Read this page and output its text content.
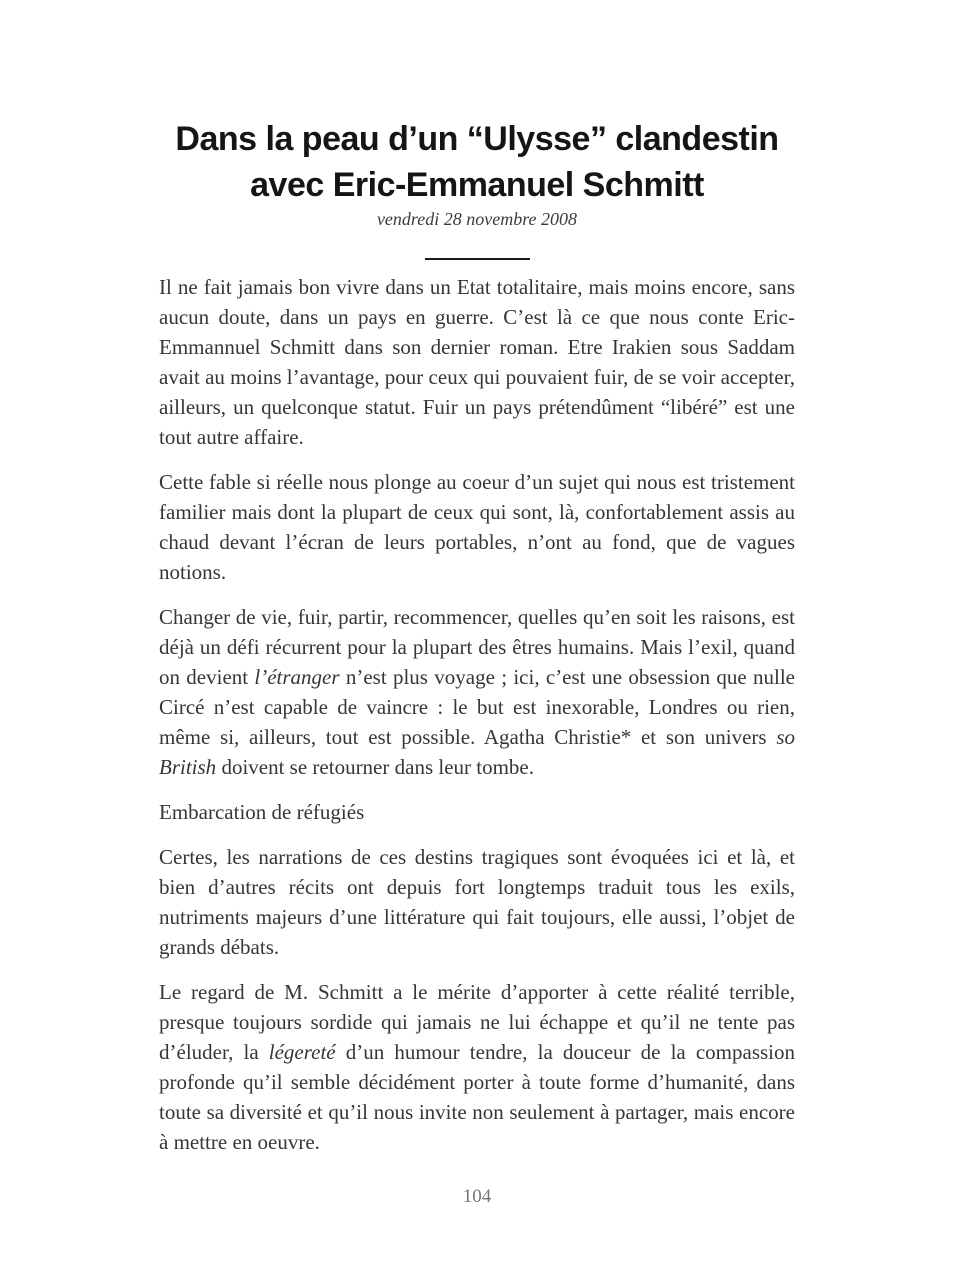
Dans la peau d’un “Ulysse” clandestin
avec Eric-Emmanuel Schmitt

vendredi 28 novembre 2008

Il ne fait jamais bon vivre dans un Etat totalitaire, mais moins encore, sans aucun doute, dans un pays en guerre. C’est là ce que nous conte Eric-Emmannuel Schmitt dans son dernier roman. Etre Irakien sous Saddam avait au moins l’avantage, pour ceux qui pouvaient fuir, de se voir accepter, ailleurs, un quelconque statut. Fuir un pays prétendûment “libéré” est une tout autre affaire.

Cette fable si réelle nous plonge au coeur d’un sujet qui nous est tristement familier mais dont la plupart de ceux qui sont, là, confortablement assis au chaud devant l’écran de leurs portables, n’ont au fond, que de vagues notions.

Changer de vie, fuir, partir, recommencer, quelles qu’en soit les raisons, est déjà un défi récurrent pour la plupart des êtres humains. Mais l’exil, quand on devient l’étranger n’est plus voyage ; ici, c’est une obsession que nulle Circé n’est capable de vaincre : le but est inexorable, Londres ou rien, même si, ailleurs, tout est possible. Agatha Christie* et son univers so British doivent se retourner dans leur tombe.

Embarcation de réfugiés

Certes, les narrations de ces destins tragiques sont évoquées ici et là, et bien d’autres récits ont depuis fort longtemps traduit tous les exils, nutriments majeurs d’une littérature qui fait toujours, elle aussi, l’objet de grands débats.

Le regard de M. Schmitt a le mérite d’apporter à cette réalité terrible, presque toujours sordide qui jamais ne lui échappe et qu’il ne tente pas d’éluder, la légereté d’un humour tendre, la douceur de la compassion profonde qu’il semble décidément porter à toute forme d’humanité, dans toute sa diversité et qu’il nous invite non seulement à partager, mais encore à mettre en oeuvre.

104
